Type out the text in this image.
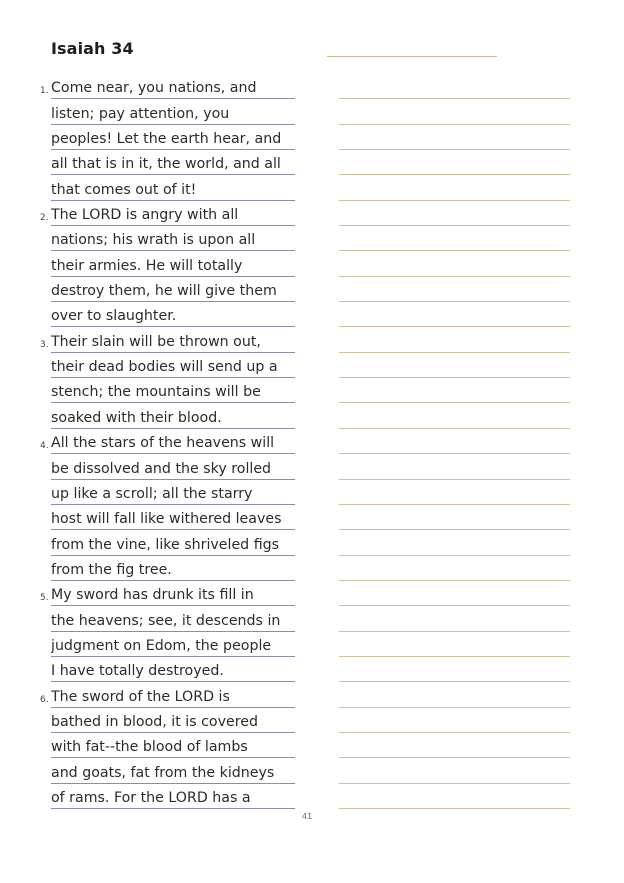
Isaiah 34
1. Come near, you nations, and
listen; pay attention, you
peoples! Let the earth hear, and
all that is in it, the world, and all
that comes out of it!
2. The LORD is angry with all
nations; his wrath is upon all
their armies. He will totally
destroy them, he will give them
over to slaughter.
3. Their slain will be thrown out,
their dead bodies will send up a
stench; the mountains will be
soaked with their blood.
4. All the stars of the heavens will
be dissolved and the sky rolled
up like a scroll; all the starry
host will fall like withered leaves
from the vine, like shriveled figs
from the fig tree.
5. My sword has drunk its fill in
the heavens; see, it descends in
judgment on Edom, the people
I have totally destroyed.
6. The sword of the LORD is
bathed in blood, it is covered
with fat--the blood of lambs
and goats, fat from the kidneys
of rams. For the LORD has a
41
